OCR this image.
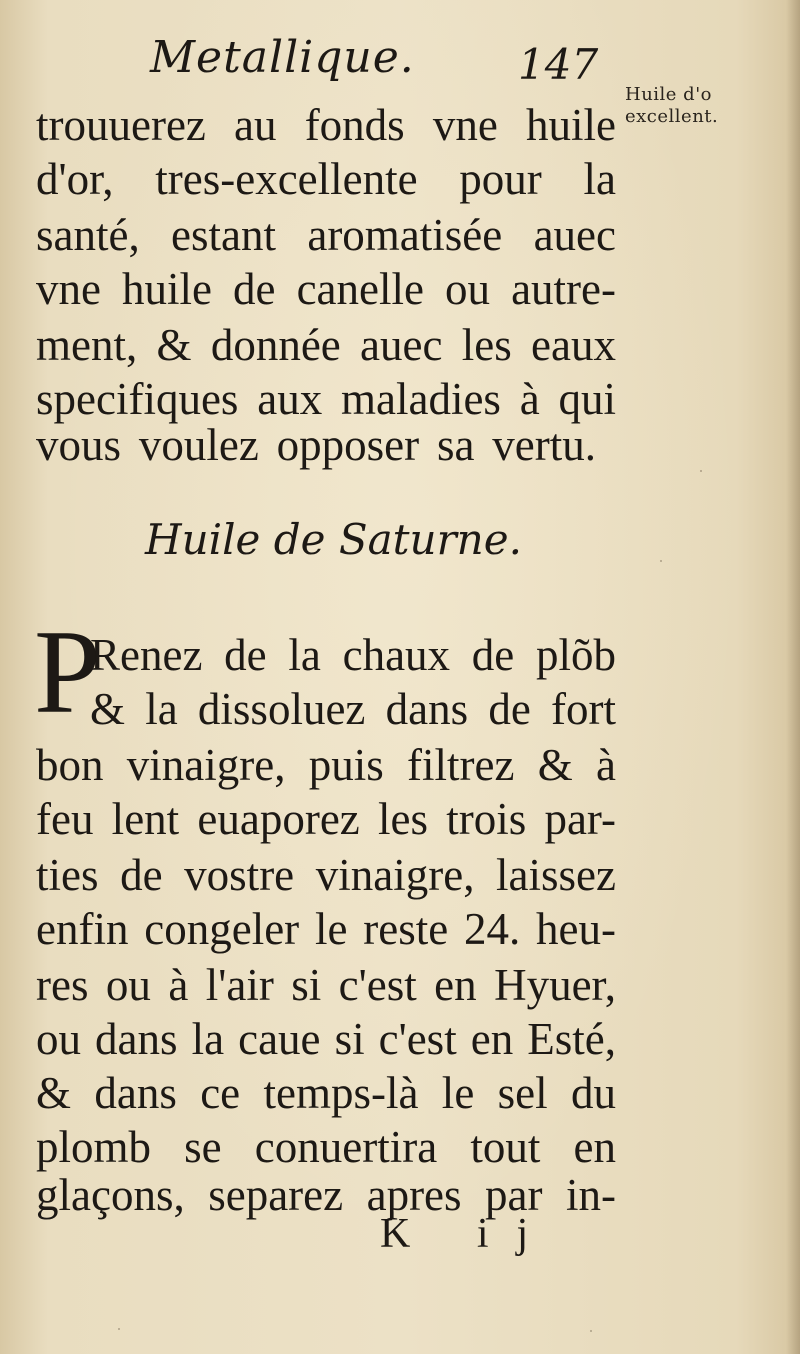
Metallique. 147
Huile d'o
excellent.
trouuerez au fonds vne huile
d'or, tres-excellente pour la
santé, estant aromatisée auec
vne huile de canelle ou autre-
ment, & donnée auec les eaux
specifiques aux maladies à qui
vous voulez opposer sa vertu.
Huile de Saturne.
P
Renez de la chaux de plõb
& la dissoluez dans de fort
bon vinaigre, puis filtrez & à
feu lent euaporez les trois par-
ties de vostre vinaigre, laissez
enfin congeler le reste 24. heu-
res ou à l'air si c'est en Hyuer,
ou dans la caue si c'est en Esté,
& dans ce temps-là le sel du
plomb se conuertira tout en
glaçons, separez apres par in-
K ij
